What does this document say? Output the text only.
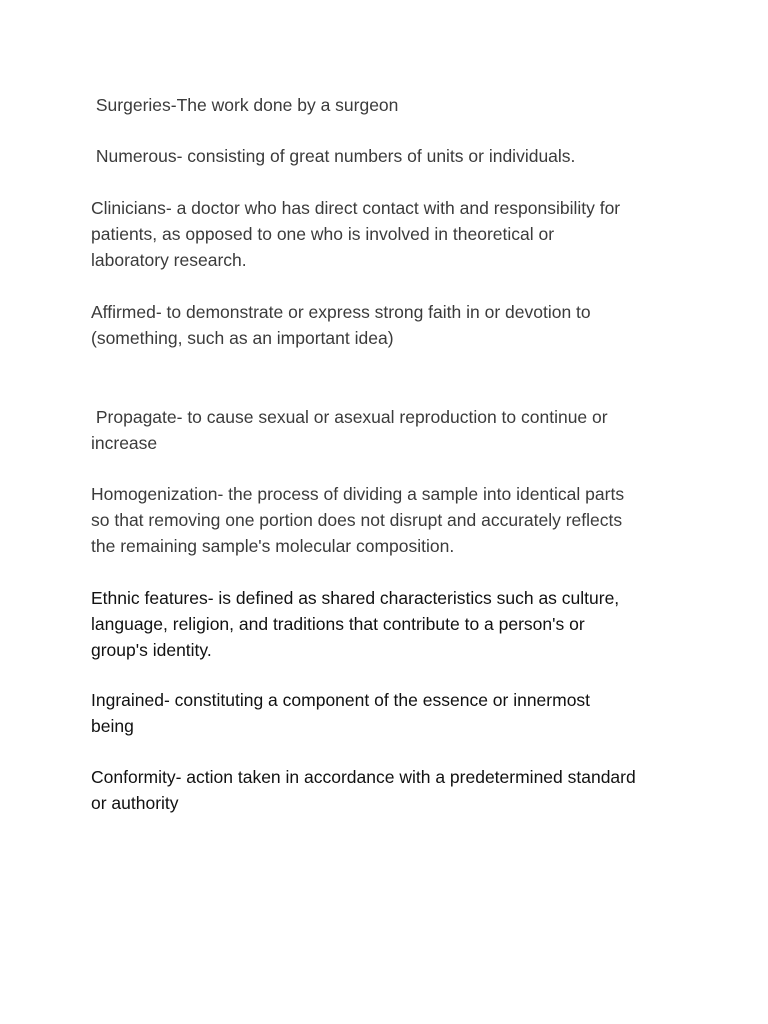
Surgeries-The work done by a surgeon

Numerous- consisting of great numbers of units or individuals.

Clinicians- a doctor who has direct contact with and responsibility for
patients, as opposed to one who is involved in theoretical or
laboratory research.

Affirmed- to demonstrate or express strong faith in or devotion to
(something, such as an important idea)

Propagate- to cause sexual or asexual reproduction to continue or
increase

Homogenization- the process of dividing a sample into identical parts
so that removing one portion does not disrupt and accurately reflects
the remaining sample's molecular composition.

Ethnic features- is defined as shared characteristics such as culture,
language, religion, and traditions that contribute to a person's or
group's identity.

Ingrained- constituting a component of the essence or innermost
being

Conformity- action taken in accordance with a predetermined standard
or authority
